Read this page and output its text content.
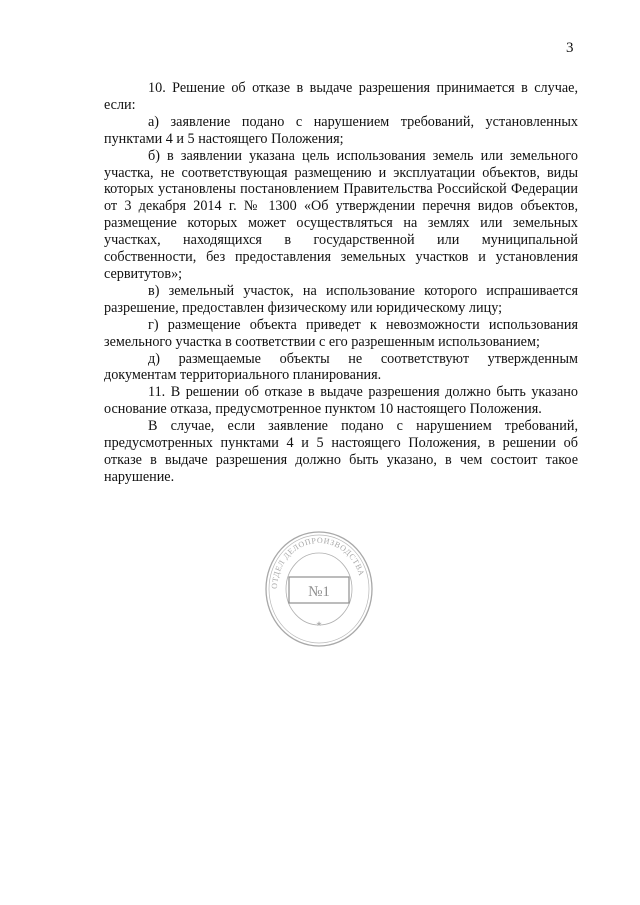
3

10. Решение об отказе в выдаче разрешения принимается в случае, если:

а) заявление подано с нарушением требований, установленных пунктами 4 и 5 настоящего Положения;

б) в заявлении указана цель использования земель или земельного участка, не соответствующая размещению и эксплуатации объектов, виды которых установлены постановлением Правительства Российской Федерации от 3 декабря 2014 г. № 1300 «Об утверждении перечня видов объектов, размещение которых может осуществляться на землях или земельных участках, находящихся в государственной или муниципальной собственности, без предоставления земельных участков и установления сервитутов»;

в) земельный участок, на использование которого испрашивается разрешение, предоставлен физическому или юридическому лицу;

г) размещение объекта приведет к невозможности использования земельного участка в соответствии с его разрешенным использованием;

д) размещаемые объекты не соответствуют утвержденным документам территориального планирования.

11. В решении об отказе в выдаче разрешения должно быть указано основание отказа, предусмотренное пунктом 10 настоящего Положения.

В случае, если заявление подано с нарушением требований, предусмотренных пунктами 4 и 5 настоящего Положения, в решении об отказе в выдаче разрешения должно быть указано, в чем состоит такое нарушение.

ОТДЕЛ ДЕЛОПРОИЗВОДСТВА
№1
★
